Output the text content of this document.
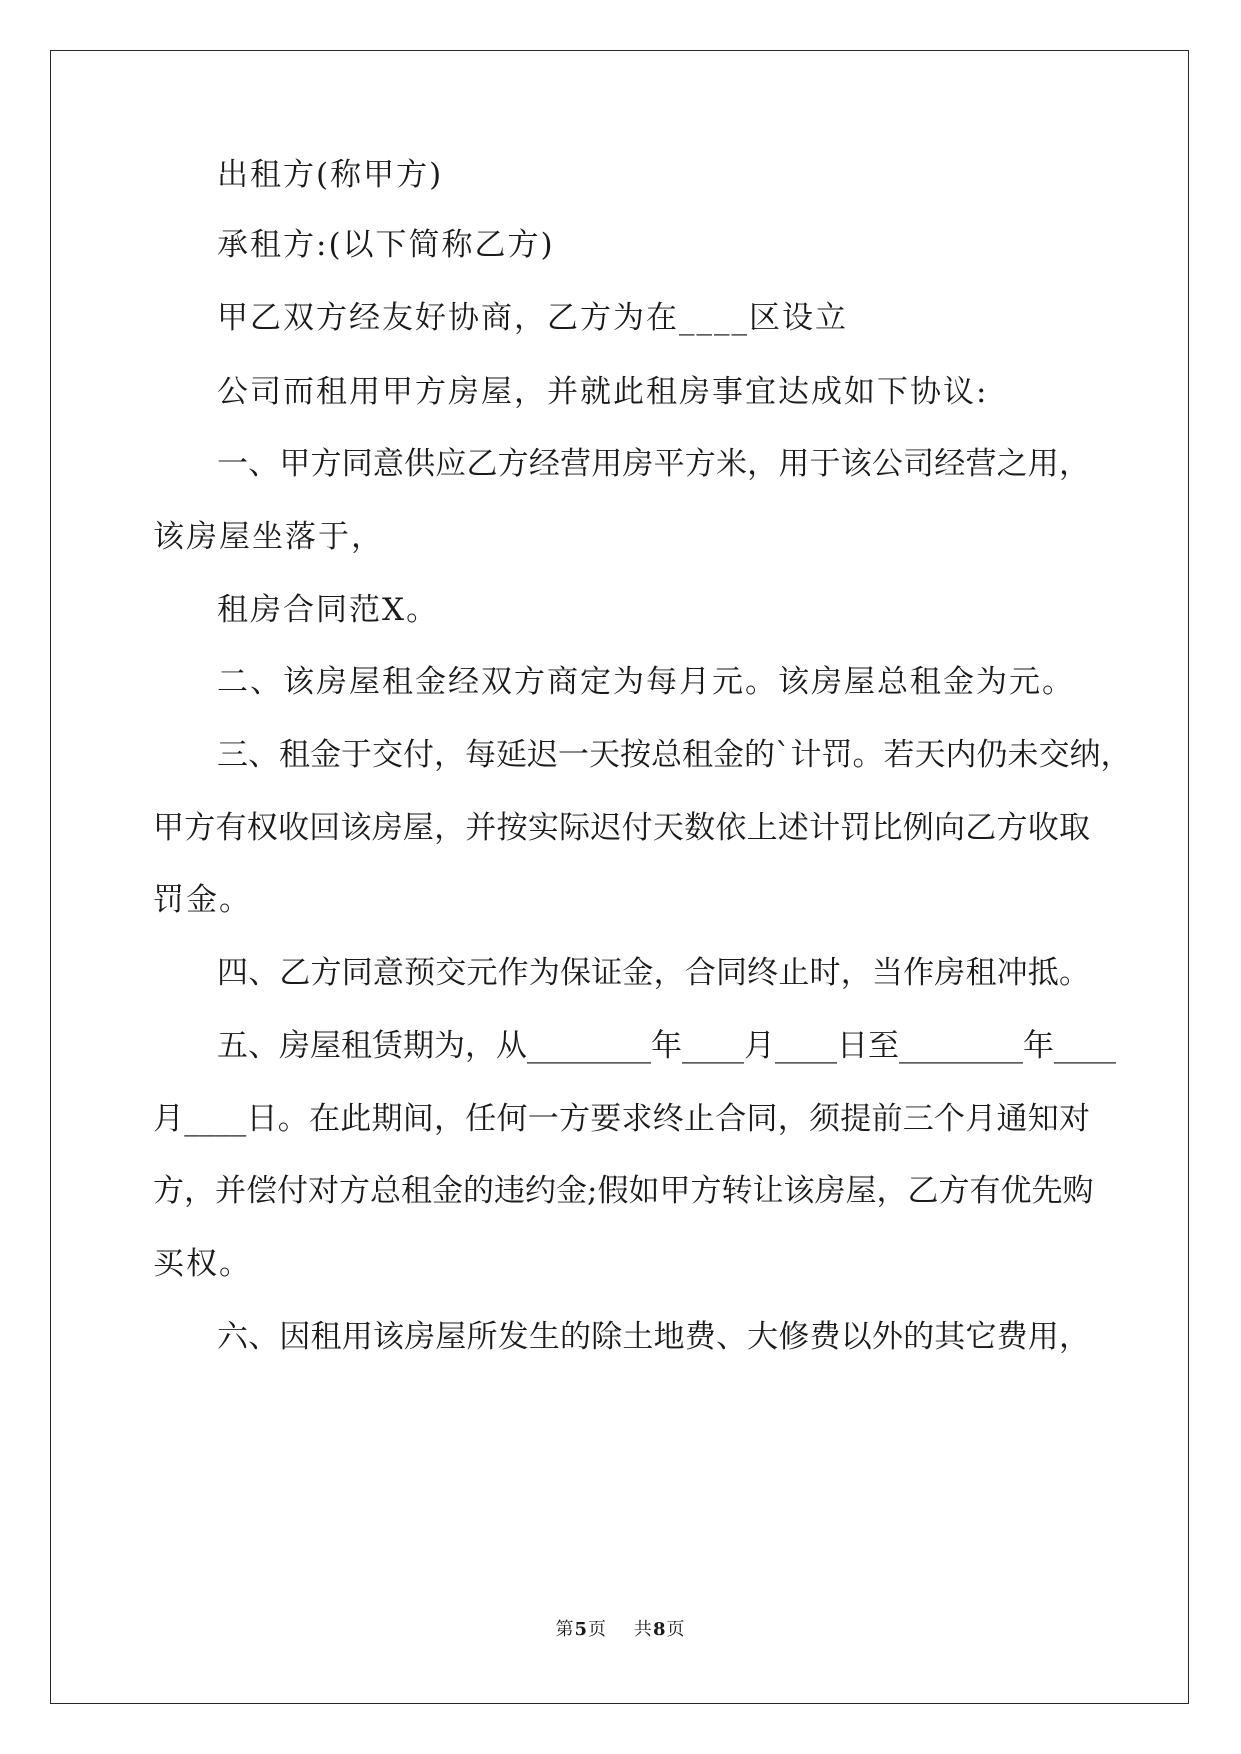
出租方(称甲方)
承租方:(以下简称乙方)
甲乙双方经友好协商，乙方为在____区设立
公司而租用甲方房屋，并就此租房事宜达成如下协议:
一、甲方同意供应乙方经营用房平方米，用于该公司经营之用，
该房屋坐落于，
租房合同范X。
二、该房屋租金经双方商定为每月元。该房屋总租金为元。
三、租金于交付，每延迟一天按总租金的`计罚。若天内仍未交纳，
甲方有权收回该房屋，并按实际迟付天数依上述计罚比例向乙方收取
罚金。
四、乙方同意预交元作为保证金，合同终止时，当作房租冲抵。
五、房屋租赁期为，从________年____月____日至________年____
月____日。在此期间，任何一方要求终止合同，须提前三个月通知对
方，并偿付对方总租金的违约金;假如甲方转让该房屋，乙方有优先购
买权。
六、因租用该房屋所发生的除土地费、大修费以外的其它费用，
第5页    共8页
